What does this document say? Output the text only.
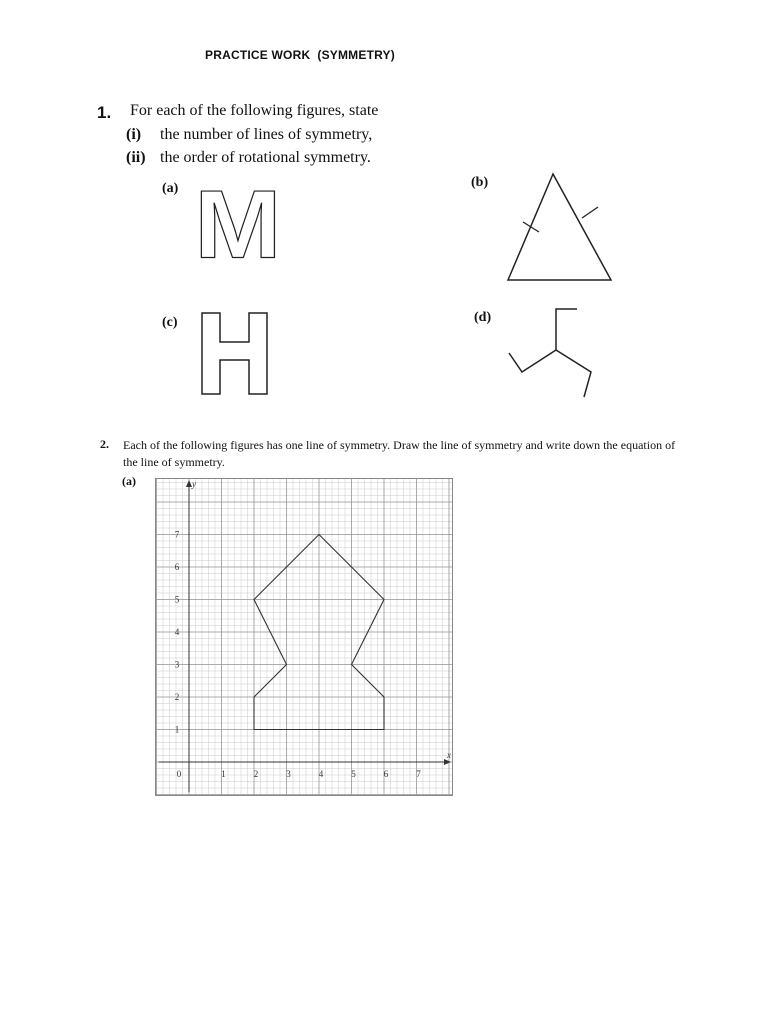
PRACTICE WORK  (SYMMETRY)
1. For each of the following figures, state
(i) the number of lines of symmetry,
(ii) the order of rotational symmetry.
(a) M	(b)
(c)	(d)
2. Each of the following figures has one line of symmetry. Draw the line of symmetry and write down the equation of the line of symmetry.
(a)
1	2	3	4	5	6	7
1
2
3
4
5
6
7
0
y
x
